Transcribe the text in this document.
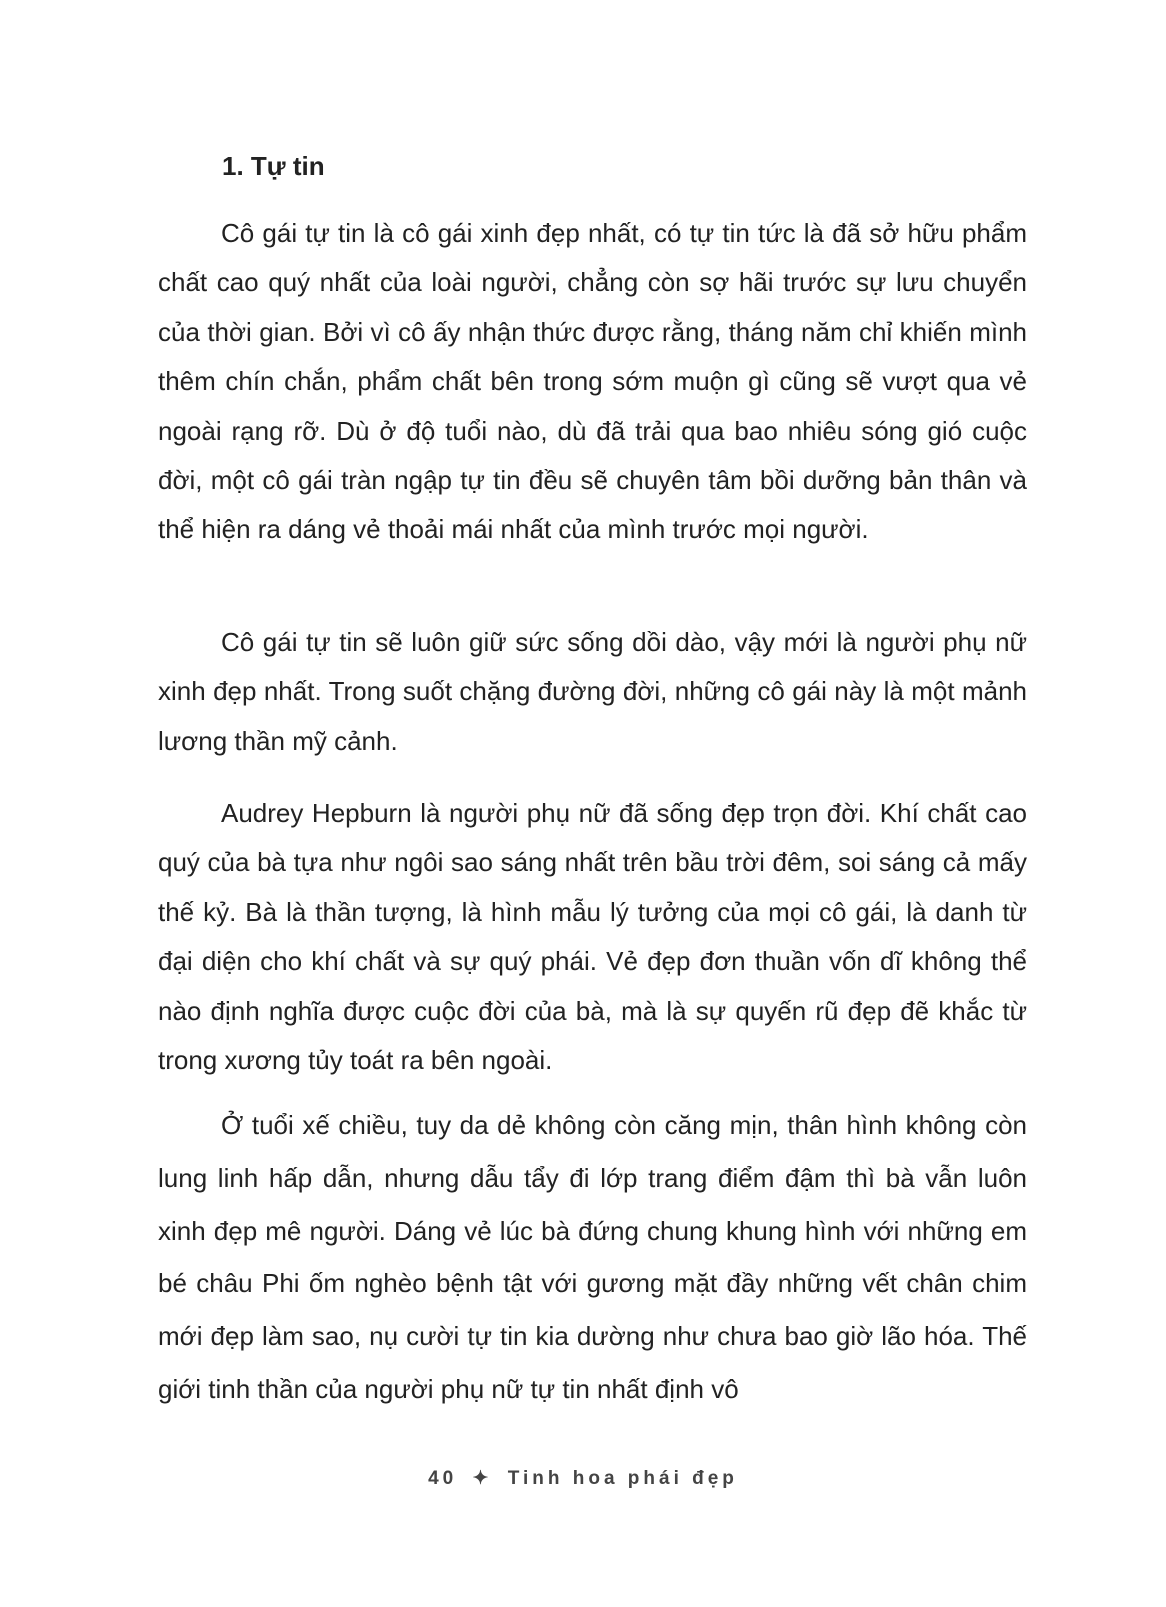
1. Tự tin

Cô gái tự tin là cô gái xinh đẹp nhất, có tự tin tức là đã sở hữu phẩm chất cao quý nhất của loài người, chẳng còn sợ hãi trước sự lưu chuyển của thời gian. Bởi vì cô ấy nhận thức được rằng, tháng năm chỉ khiến mình thêm chín chắn, phẩm chất bên trong sớm muộn gì cũng sẽ vượt qua vẻ ngoài rạng rỡ. Dù ở độ tuổi nào, dù đã trải qua bao nhiêu sóng gió cuộc đời, một cô gái tràn ngập tự tin đều sẽ chuyên tâm bồi dưỡng bản thân và thể hiện ra dáng vẻ thoải mái nhất của mình trước mọi người.

Cô gái tự tin sẽ luôn giữ sức sống dồi dào, vậy mới là người phụ nữ xinh đẹp nhất. Trong suốt chặng đường đời, những cô gái này là một mảnh lương thần mỹ cảnh.

Audrey Hepburn là người phụ nữ đã sống đẹp trọn đời. Khí chất cao quý của bà tựa như ngôi sao sáng nhất trên bầu trời đêm, soi sáng cả mấy thế kỷ. Bà là thần tượng, là hình mẫu lý tưởng của mọi cô gái, là danh từ đại diện cho khí chất và sự quý phái. Vẻ đẹp đơn thuần vốn dĩ không thể nào định nghĩa được cuộc đời của bà, mà là sự quyến rũ đẹp đẽ khắc từ trong xương tủy toát ra bên ngoài.

Ở tuổi xế chiều, tuy da dẻ không còn căng mịn, thân hình không còn lung linh hấp dẫn, nhưng dẫu tẩy đi lớp trang điểm đậm thì bà vẫn luôn xinh đẹp mê người. Dáng vẻ lúc bà đứng chung khung hình với những em bé châu Phi ốm nghèo bệnh tật với gương mặt đầy những vết chân chim mới đẹp làm sao, nụ cười tự tin kia dường như chưa bao giờ lão hóa. Thế giới tinh thần của người phụ nữ tự tin nhất định vô

40 ✦ Tinh hoa phái đẹp
